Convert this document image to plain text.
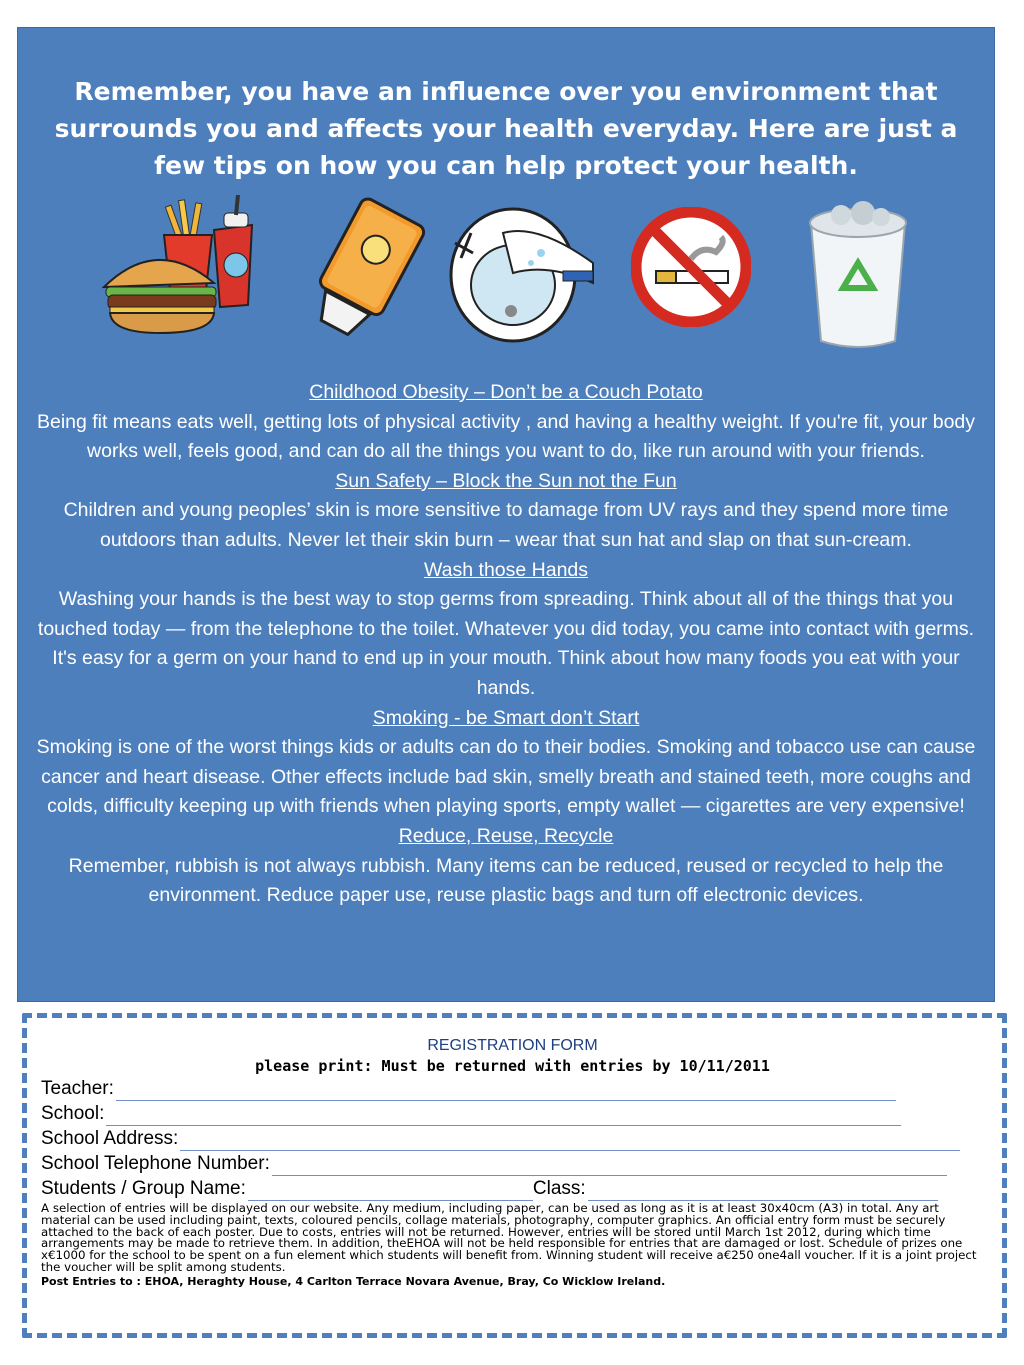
Remember, you have an influence over you environment that surrounds you and affects your health everyday. Here are just a few tips on how you can help protect your health.
Childhood Obesity – Don’t be a Couch Potato
Being fit means eats well, getting lots of physical activity , and having a healthy weight. If you're fit, your body works well, feels good, and can do all the things you want to do, like run around with your friends.
Sun Safety – Block the Sun not the Fun
Children and young peoples’ skin is more sensitive to damage from UV rays and they spend more time outdoors than adults. Never let their skin burn – wear that sun hat and slap on that sun-cream.
Wash those Hands
Washing your hands is the best way to stop germs from spreading. Think about all of the things that you touched today — from the telephone to the toilet. Whatever you did today, you came into contact with germs. It's easy for a germ on your hand to end up in your mouth. Think about how many foods you eat with your hands.
Smoking - be Smart don’t Start
Smoking is one of the worst things kids or adults can do to their bodies. Smoking and tobacco use can cause cancer and heart disease. Other effects include bad skin, smelly breath and stained teeth, more coughs and colds, difficulty keeping up with friends when playing sports, empty wallet — cigarettes are very expensive!
Reduce, Reuse, Recycle
Remember, rubbish is not always rubbish. Many items can be reduced, reused or recycled to help the environment. Reduce paper use, reuse plastic bags and turn off electronic devices.
REGISTRATION FORM
please print: Must be returned with entries by 10/11/2011
Teacher:
School:
School Address:
School Telephone Number:
Students / Group Name:	Class:
A selection of entries will be displayed on our website. Any medium, including paper, can be used as long as it is at least 30x40cm (A3) in total. Any art material can be used including paint, texts, coloured pencils, collage materials, photography, computer graphics. An official entry form must be securely attached to the back of each poster. Due to costs, entries will not be returned. However, entries will be stored until March 1st 2012, during which time arrangements may be made to retrieve them. In addition, theEHOA will not be held responsible for entries that are damaged or lost. Schedule of prizes one x€1000 for the school to be spent on a fun element which students will benefit from. Winning student will receive a€250 one4all voucher. If it is a joint project the voucher will be split among students.
Post Entries to : EHOA, Heraghty House, 4 Carlton Terrace Novara Avenue, Bray, Co Wicklow Ireland.
